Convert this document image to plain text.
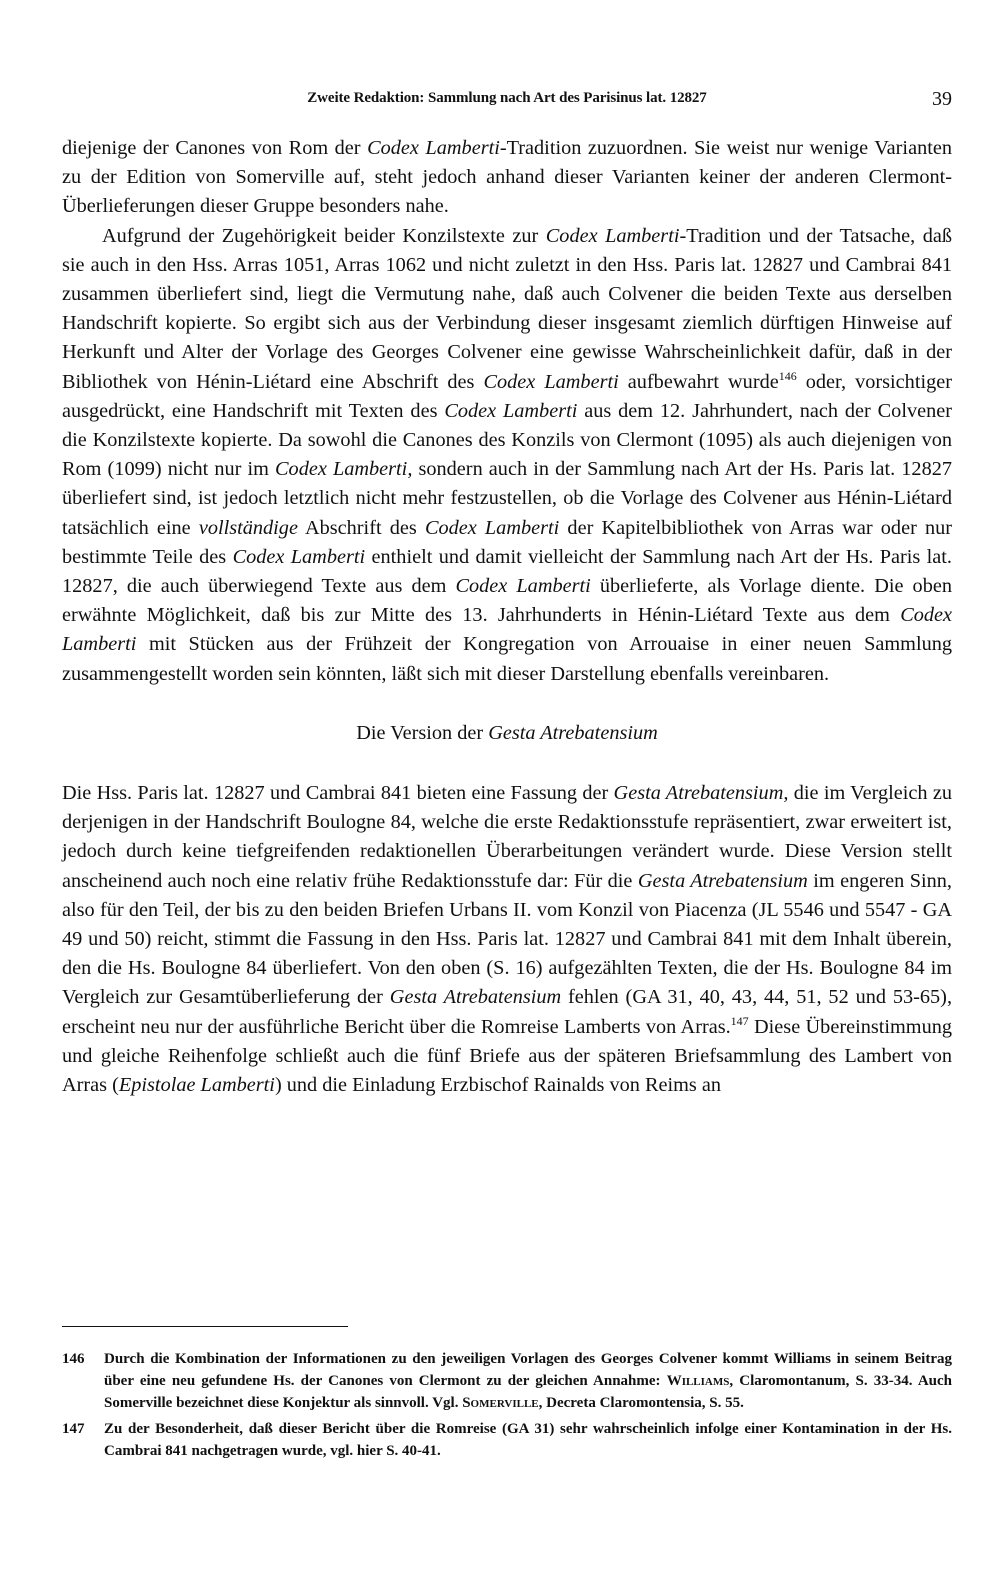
Zweite Redaktion: Sammlung nach Art des Parisinus lat. 12827	39

diejenige der Canones von Rom der Codex Lamberti-Tradition zuzuordnen. Sie weist nur wenige Varianten zu der Edition von Somerville auf, steht jedoch anhand dieser Varianten keiner der anderen Clermont-Überlieferungen dieser Gruppe besonders nahe.

Aufgrund der Zugehörigkeit beider Konzilstexte zur Codex Lamberti-Tradition und der Tatsache, daß sie auch in den Hss. Arras 1051, Arras 1062 und nicht zuletzt in den Hss. Paris lat. 12827 und Cambrai 841 zusammen überliefert sind, liegt die Vermutung nahe, daß auch Colvener die beiden Texte aus derselben Handschrift kopierte. So ergibt sich aus der Verbindung dieser insgesamt ziemlich dürftigen Hinweise auf Herkunft und Alter der Vorlage des Georges Colvener eine gewisse Wahrscheinlichkeit dafür, daß in der Bibliothek von Hénin-Liétard eine Abschrift des Codex Lamberti aufbewahrt wurde$^{146}$ oder, vorsichtiger ausgedrückt, eine Handschrift mit Texten des Codex Lamberti aus dem 12. Jahrhundert, nach der Colvener die Konzilstexte kopierte. Da sowohl die Canones des Konzils von Clermont (1095) als auch diejenigen von Rom (1099) nicht nur im Codex Lamberti, sondern auch in der Sammlung nach Art der Hs. Paris lat. 12827 überliefert sind, ist jedoch letztlich nicht mehr festzustellen, ob die Vorlage des Colvener aus Hénin-Liétard tatsächlich eine vollständige Abschrift des Codex Lamberti der Kapitelbibliothek von Arras war oder nur bestimmte Teile des Codex Lamberti enthielt und damit vielleicht der Sammlung nach Art der Hs. Paris lat. 12827, die auch überwiegend Texte aus dem Codex Lamberti überlieferte, als Vorlage diente. Die oben erwähnte Möglichkeit, daß bis zur Mitte des 13. Jahrhunderts in Hénin-Liétard Texte aus dem Codex Lamberti mit Stücken aus der Frühzeit der Kongregation von Arrouaise in einer neuen Sammlung zusammengestellt worden sein könnten, läßt sich mit dieser Darstellung ebenfalls vereinbaren.

Die Version der Gesta Atrebatensium

Die Hss. Paris lat. 12827 und Cambrai 841 bieten eine Fassung der Gesta Atrebatensium, die im Vergleich zu derjenigen in der Handschrift Boulogne 84, welche die erste Redaktionsstufe repräsentiert, zwar erweitert ist, jedoch durch keine tiefgreifenden redaktionellen Überarbeitungen verändert wurde. Diese Version stellt anscheinend auch noch eine relativ frühe Redaktionsstufe dar: Für die Gesta Atrebatensium im engeren Sinn, also für den Teil, der bis zu den beiden Briefen Urbans II. vom Konzil von Piacenza (JL 5546 und 5547 - GA 49 und 50) reicht, stimmt die Fassung in den Hss. Paris lat. 12827 und Cambrai 841 mit dem Inhalt überein, den die Hs. Boulogne 84 überliefert. Von den oben (S. 16) aufgezählten Texten, die der Hs. Boulogne 84 im Vergleich zur Gesamtüberlieferung der Gesta Atrebatensium fehlen (GA 31, 40, 43, 44, 51, 52 und 53-65), erscheint neu nur der ausführliche Bericht über die Romreise Lamberts von Arras.$^{147}$ Diese Übereinstimmung und gleiche Reihenfolge schließt auch die fünf Briefe aus der späteren Briefsammlung des Lambert von Arras (Epistolae Lamberti) und die Einladung Erzbischof Rainalds von Reims an

146 Durch die Kombination der Informationen zu den jeweiligen Vorlagen des Georges Colvener kommt Williams in seinem Beitrag über eine neu gefundene Hs. der Canones von Clermont zu der gleichen Annahme: Williams, Claromontanum, S. 33-34. Auch Somerville bezeichnet diese Konjektur als sinnvoll. Vgl. Somerville, Decreta Claromontensia, S. 55.
147 Zu der Besonderheit, daß dieser Bericht über die Romreise (GA 31) sehr wahrscheinlich infolge einer Kontamination in der Hs. Cambrai 841 nachgetragen wurde, vgl. hier S. 40-41.
